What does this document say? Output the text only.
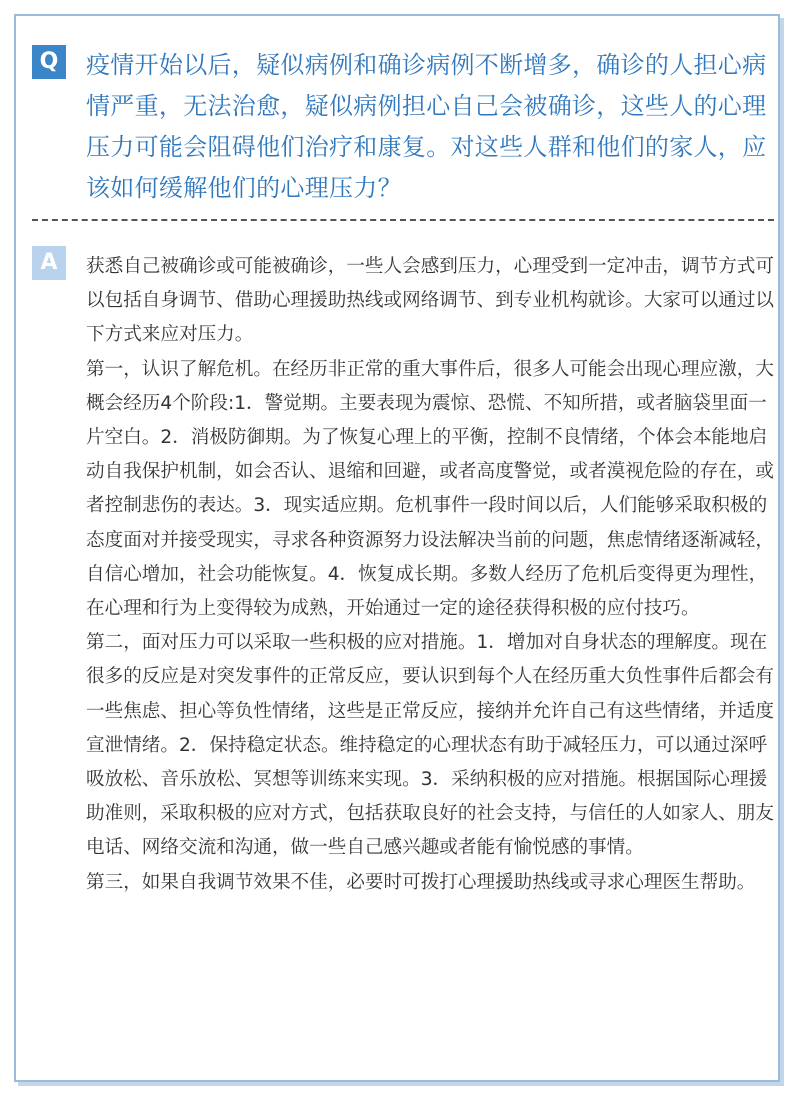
Q	疫情开始以后，疑似病例和确诊病例不断增多，确诊的人担心病情严重，无法治愈，疑似病例担心自己会被确诊，这些人的心理压力可能会阻碍他们治疗和康复。对这些人群和他们的家人，应该如何缓解他们的心理压力？

A	获悉自己被确诊或可能被确诊，一些人会感到压力，心理受到一定冲击，调节方式可以包括自身调节、借助心理援助热线或网络调节、到专业机构就诊。大家可以通过以下方式来应对压力。

第一，认识了解危机。在经历非正常的重大事件后，很多人可能会出现心理应激，大概会经历4个阶段:1．警觉期。主要表现为震惊、恐慌、不知所措，或者脑袋里面一片空白。2．消极防御期。为了恢复心理上的平衡，控制不良情绪，个体会本能地启动自我保护机制，如会否认、退缩和回避，或者高度警觉，或者漠视危险的存在，或者控制悲伤的表达。3．现实适应期。危机事件一段时间以后，人们能够采取积极的态度面对并接受现实，寻求各种资源努力设法解决当前的问题，焦虑情绪逐渐减轻，自信心增加，社会功能恢复。4．恢复成长期。多数人经历了危机后变得更为理性，在心理和行为上变得较为成熟，开始通过一定的途径获得积极的应付技巧。

第二，面对压力可以采取一些积极的应对措施。1．增加对自身状态的理解度。现在很多的反应是对突发事件的正常反应，要认识到每个人在经历重大负性事件后都会有一些焦虑、担心等负性情绪，这些是正常反应，接纳并允许自己有这些情绪，并适度宣泄情绪。2．保持稳定状态。维持稳定的心理状态有助于减轻压力，可以通过深呼吸放松、音乐放松、冥想等训练来实现。3．采纳积极的应对措施。根据国际心理援助准则，采取积极的应对方式，包括获取良好的社会支持，与信任的人如家人、朋友电话、网络交流和沟通，做一些自己感兴趣或者能有愉悦感的事情。

第三，如果自我调节效果不佳，必要时可拨打心理援助热线或寻求心理医生帮助。
